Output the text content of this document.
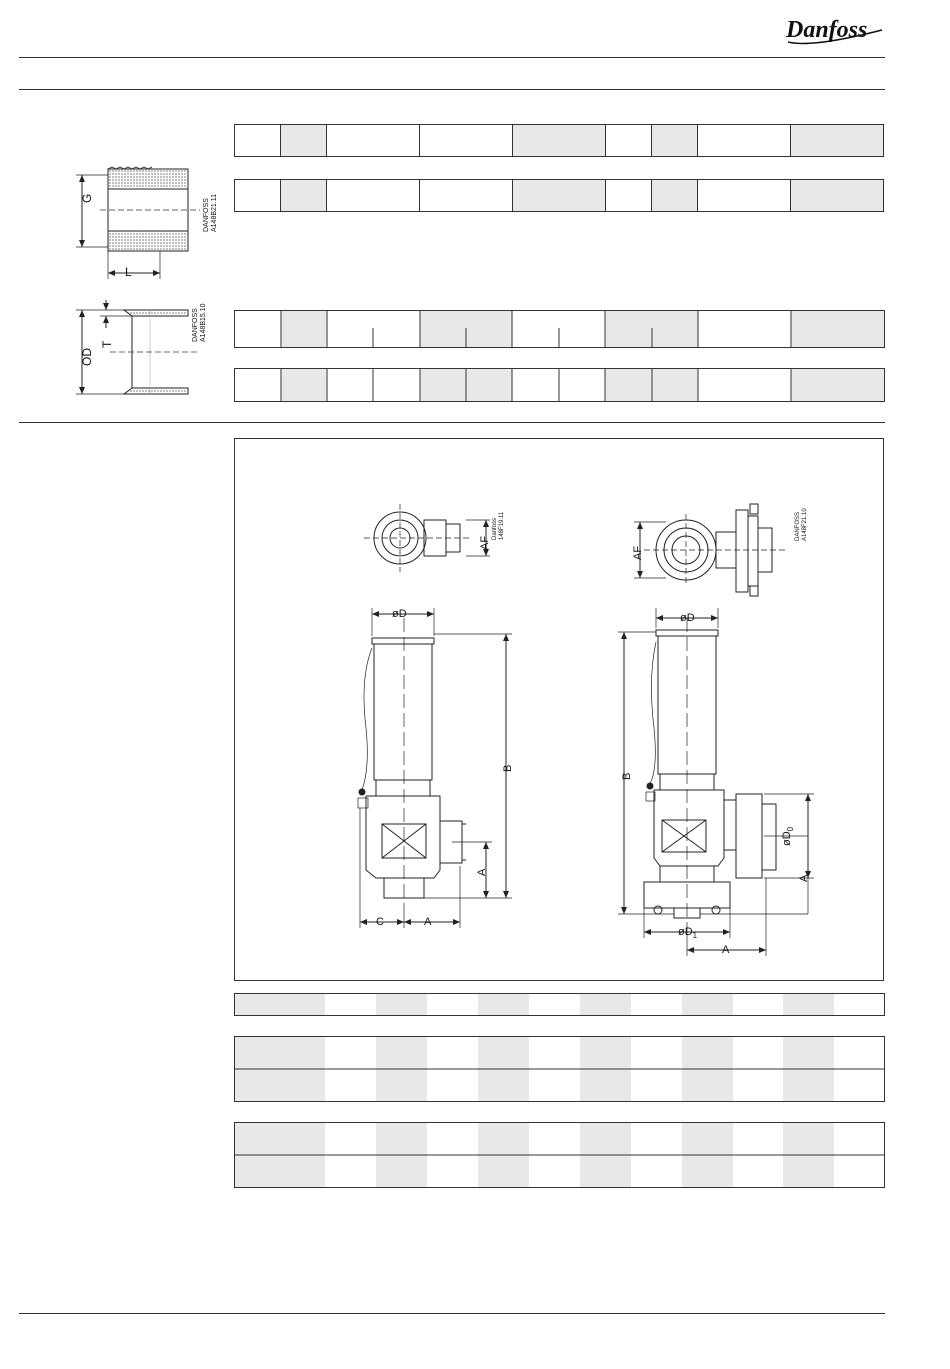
Danfoss
G
L
DANFOSS A148B21.11
T
OD
DANFOSS A148B15.10

AF
Danfoss 148F19.11
AF
DANFOSS A148F21.10
øD
B
A
C	A
øD
B
$øD_0$
A
$øD_1$
A
